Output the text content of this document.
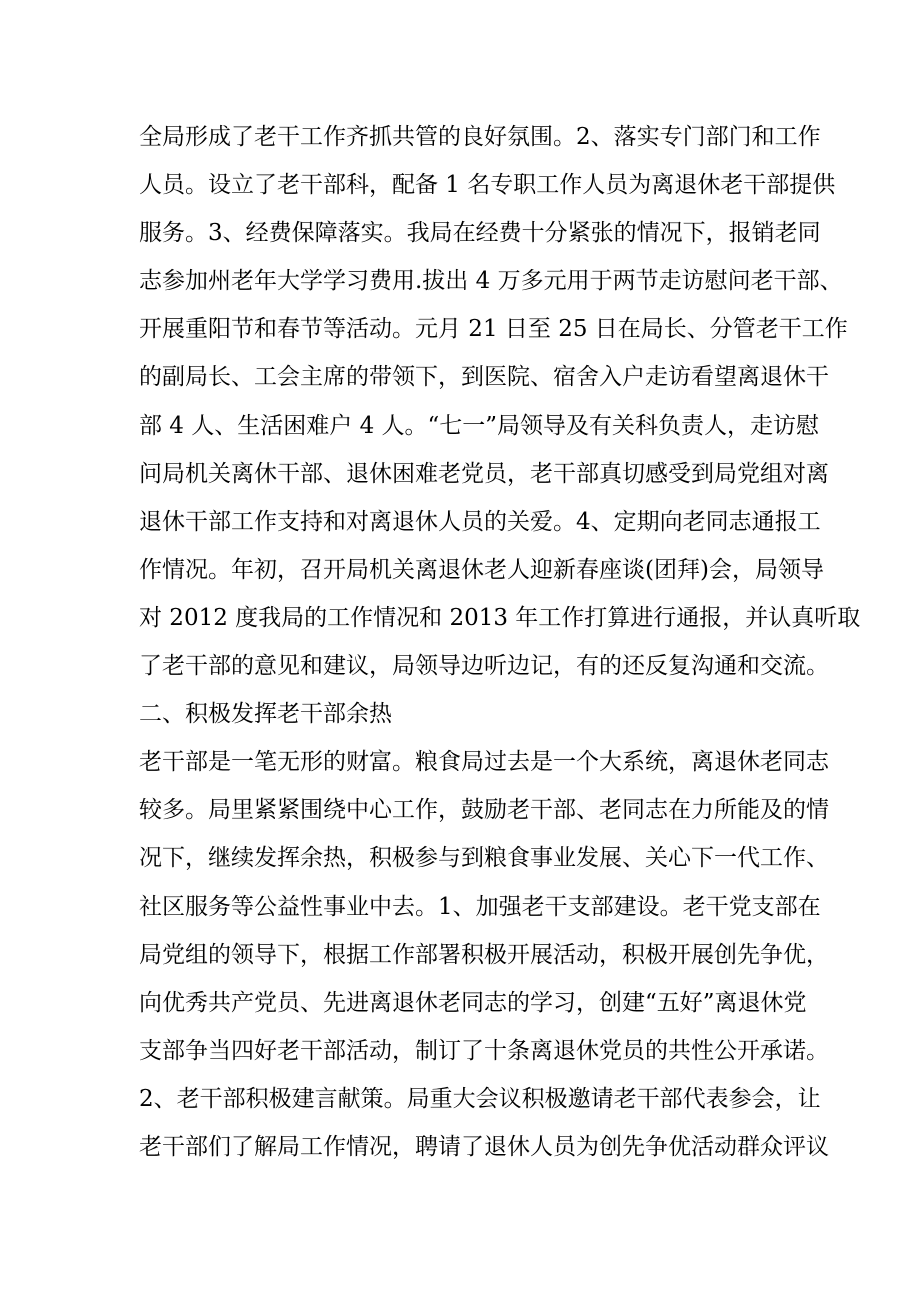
全局形成了老干工作齐抓共管的良好氛围。2、落实专门部门和工作
人员。设立了老干部科，配备 1 名专职工作人员为离退休老干部提供
服务。3、经费保障落实。我局在经费十分紧张的情况下，报销老同
志参加州老年大学学习费用.拔出 4 万多元用于两节走访慰问老干部、
开展重阳节和春节等活动。元月 21 日至 25 日在局长、分管老干工作
的副局长、工会主席的带领下，到医院、宿舍入户走访看望离退休干
部 4 人、生活困难户 4 人。“七一”局领导及有关科负责人，走访慰
问局机关离休干部、退休困难老党员，老干部真切感受到局党组对离
退休干部工作支持和对离退休人员的关爱。4、定期向老同志通报工
作情况。年初，召开局机关离退休老人迎新春座谈(团拜)会，局领导
对 2012 度我局的工作情况和 2013 年工作打算进行通报，并认真听取
了老干部的意见和建议，局领导边听边记，有的还反复沟通和交流。
二、积极发挥老干部余热
老干部是一笔无形的财富。粮食局过去是一个大系统，离退休老同志
较多。局里紧紧围绕中心工作，鼓励老干部、老同志在力所能及的情
况下，继续发挥余热，积极参与到粮食事业发展、关心下一代工作、
社区服务等公益性事业中去。1、加强老干支部建设。老干党支部在
局党组的领导下，根据工作部署积极开展活动，积极开展创先争优，
向优秀共产党员、先进离退休老同志的学习，创建“五好”离退休党
支部争当四好老干部活动，制订了十条离退休党员的共性公开承诺。
2、老干部积极建言献策。局重大会议积极邀请老干部代表参会，让
老干部们了解局工作情况，聘请了退休人员为创先争优活动群众评议
